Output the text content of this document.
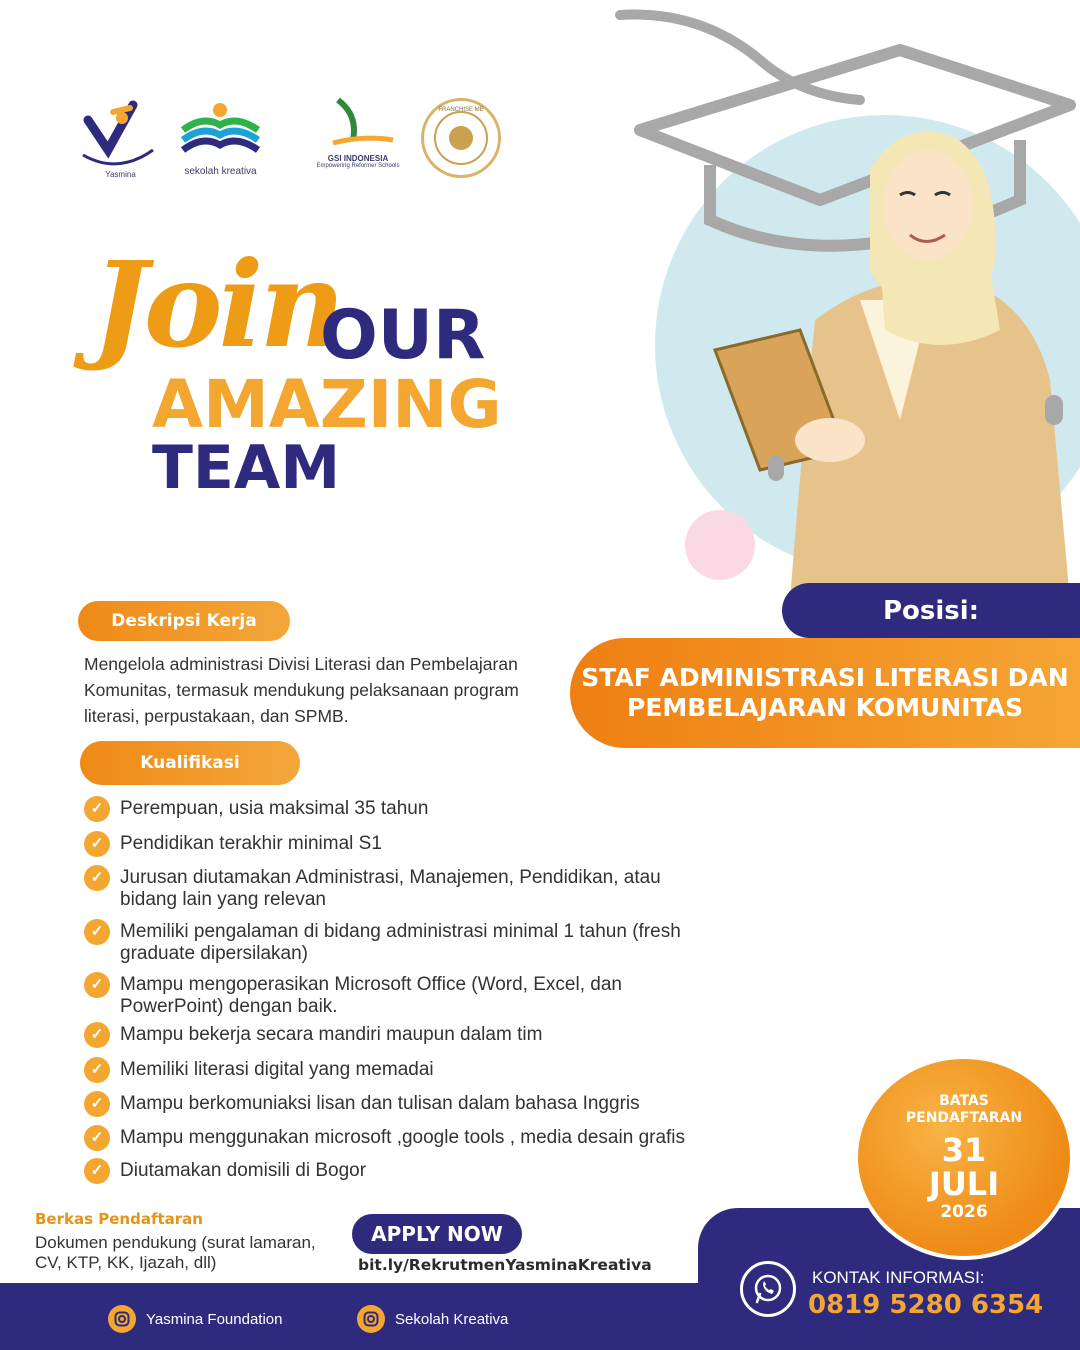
Yasmina	sekolah kreativa
GSI INDONESIA
Empowering Reformer Schools
FRANCHISE ME
Join
OUR
AMAZING
TEAM
Deskripsi Kerja
Mengelola administrasi Divisi Literasi dan Pembelajaran Komunitas, termasuk mendukung pelaksanaan program literasi, perpustakaan, dan SPMB.
Posisi:
STAF ADMINISTRASI LITERASI DAN
PEMBELAJARAN KOMUNITAS
Kualifikasi
✓ Perempuan, usia maksimal 35 tahun
✓ Pendidikan terakhir minimal S1
✓ Jurusan diutamakan Administrasi, Manajemen, Pendidikan, atau bidang lain yang relevan
✓ Memiliki pengalaman di bidang administrasi minimal 1 tahun (fresh graduate dipersilakan)
✓ Mampu mengoperasikan Microsoft Office (Word, Excel, dan PowerPoint) dengan baik.
✓ Mampu bekerja secara mandiri maupun dalam tim
✓ Memiliki literasi digital yang memadai
✓ Mampu berkomuniaksi lisan dan tulisan dalam bahasa Inggris
✓ Mampu menggunakan microsoft ,google tools , media desain grafis
✓ Diutamakan domisili di Bogor
BATAS
PENDAFTARAN
31
JULI
2026
Berkas Pendaftaran
Dokumen pendukung (surat lamaran, CV, KTP, KK, Ijazah, dll)
APPLY NOW
bit.ly/RekrutmenYasminaKreativa
KONTAK INFORMASI:
0819 5280 6354
Yasmina Foundation	Sekolah Kreativa
